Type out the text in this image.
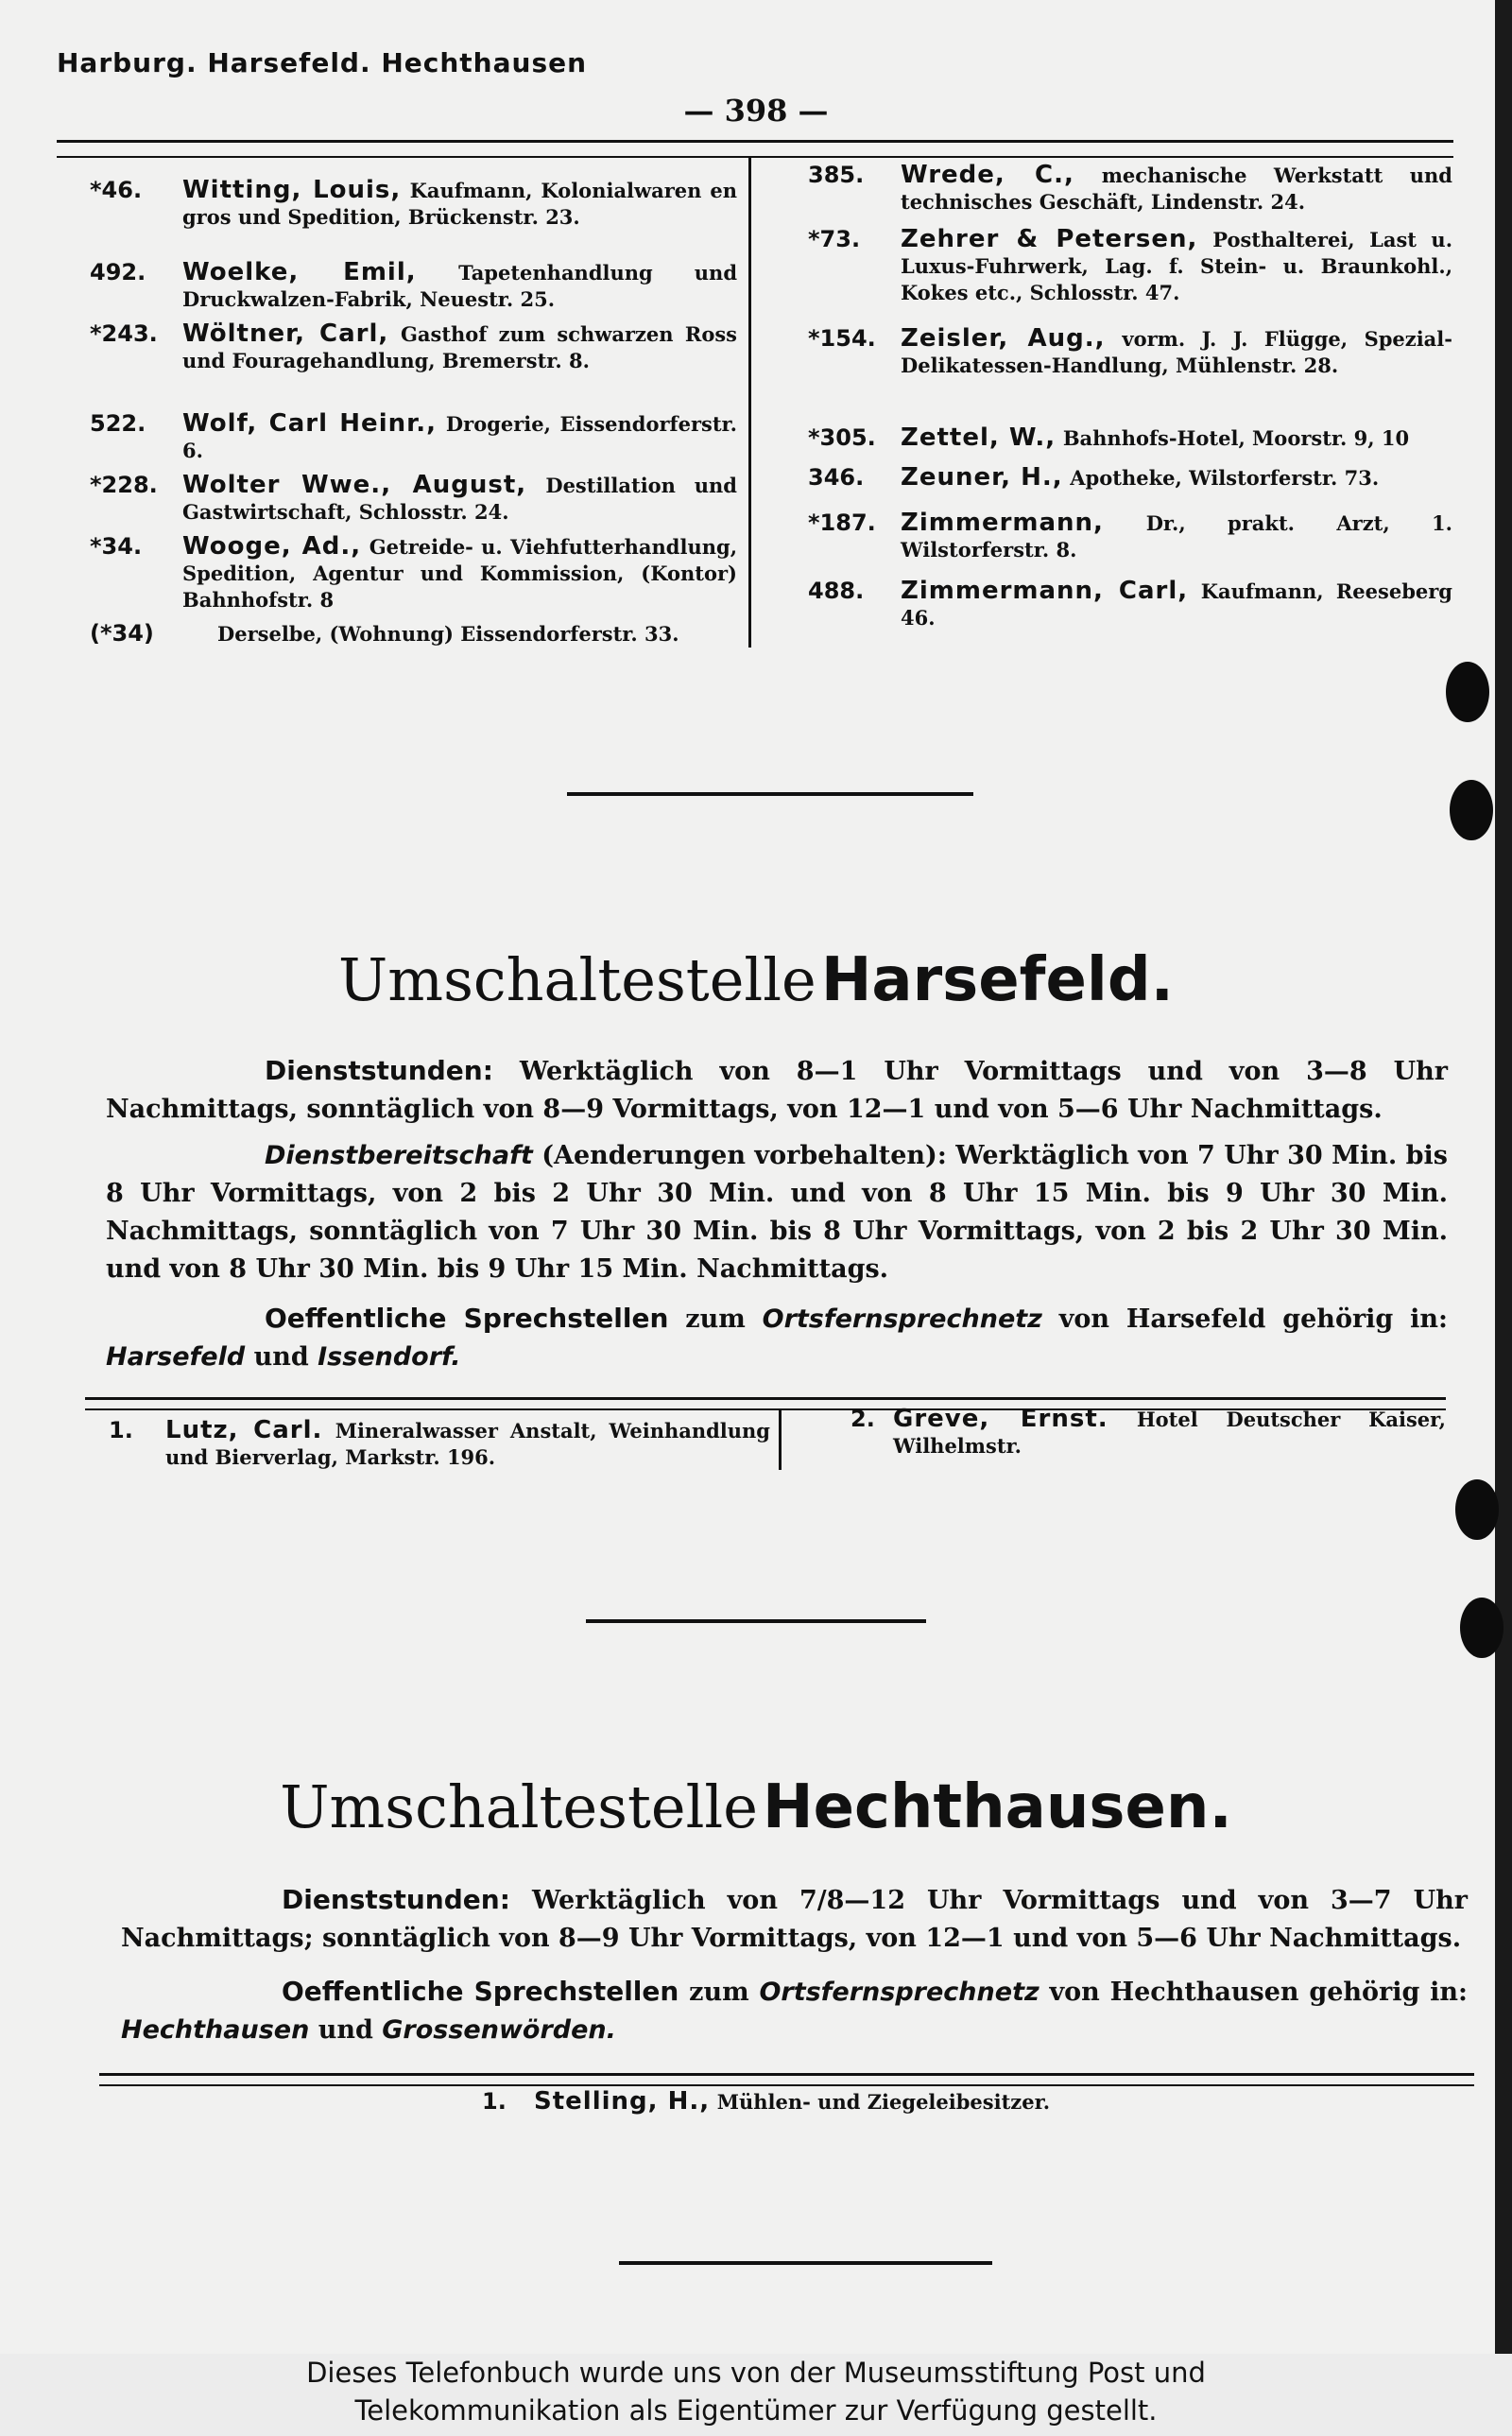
Harburg. Harsefeld. Hechthausen
— 398 —
*46. Witting, Louis, Kaufmann, Kolonialwaren en gros und Spedition, Brückenstr. 23.
492. Woelke, Emil, Tapetenhandlung und Druckwalzen-Fabrik, Neuestr. 25.
*243. Wöltner, Carl, Gasthof zum schwarzen Ross und Fouragehandlung, Bremerstr. 8.
522. Wolf, Carl Heinr., Drogerie, Eissendorferstr. 6.
*228. Wolter Wwe., August, Destillation und Gastwirtschaft, Schlosstr. 24.
*34. Wooge, Ad., Getreide- u. Viehfutterhandlung, Spedition, Agentur und Kommission, (Kontor) Bahnhofstr. 8
(*34)	Derselbe, (Wohnung) Eissendorferstr. 33.
385. Wrede, C., mechanische Werkstatt und technisches Geschäft, Lindenstr. 24.
*73. Zehrer & Petersen, Posthalterei, Last u. Luxus-Fuhrwerk, Lag. f. Stein- u. Braunkohl., Kokes etc., Schlosstr. 47.
*154. Zeisler, Aug., vorm. J. J. Flügge, Spezial-Delikatessen-Handlung, Mühlenstr. 28.
*305. Zettel, W., Bahnhofs-Hotel, Moorstr. 9, 10
346. Zeuner, H., Apotheke, Wilstorferstr. 73.
*187. Zimmermann, Dr., prakt. Arzt, 1. Wilstorferstr. 8.
488. Zimmermann, Carl, Kaufmann, Reeseberg 46.
Umschaltestelle Harsefeld.
Dienststunden: Werktäglich von 8—1 Uhr Vormittags und von 3—8 Uhr Nachmittags, sonntäglich von 8—9 Vormittags, von 12—1 und von 5—6 Uhr Nachmittags.
Dienstbereitschaft (Aenderungen vorbehalten): Werktäglich von 7 Uhr 30 Min. bis 8 Uhr Vormittags, von 2 bis 2 Uhr 30 Min. und von 8 Uhr 15 Min. bis 9 Uhr 30 Min. Nachmittags, sonntäglich von 7 Uhr 30 Min. bis 8 Uhr Vormittags, von 2 bis 2 Uhr 30 Min. und von 8 Uhr 30 Min. bis 9 Uhr 15 Min. Nachmittags.
Oeffentliche Sprechstellen zum Ortsfernsprechnetz von Harsefeld gehörig in: Harsefeld und Issendorf.
1. Lutz, Carl. Mineralwasser Anstalt, Weinhandlung und Bierverlag, Markstr. 196.
2. Greve, Ernst. Hotel Deutscher Kaiser, Wilhelmstr.
Umschaltestelle Hechthausen.
Dienststunden: Werktäglich von 7/8—12 Uhr Vormittags und von 3—7 Uhr Nachmittags; sonntäglich von 8—9 Uhr Vormittags, von 12—1 und von 5—6 Uhr Nachmittags.
Oeffentliche Sprechstellen zum Ortsfernsprechnetz von Hechthausen gehörig in: Hechthausen und Grossenwörden.
1. Stelling, H., Mühlen- und Ziegeleibesitzer.
Dieses Telefonbuch wurde uns von der Museumsstiftung Post und
Telekommunikation als Eigentümer zur Verfügung gestellt.
